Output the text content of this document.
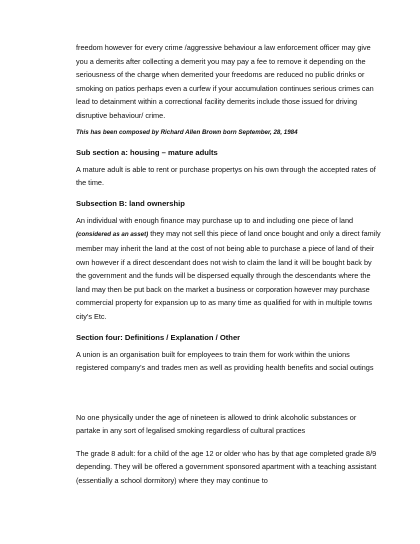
freedom however for every crime /aggressive behaviour a law enforcement officer may give you a demerits after collecting a demerit you may pay a fee to remove it depending on the seriousness of the charge when demerited your freedoms are reduced no public drinks or smoking on patios perhaps even a curfew if your accumulation continues serious crimes can lead to detainment within a correctional facility demerits include those issued for driving disruptive behaviour/ crime.

This has been composed by Richard Allen Brown born September, 28, 1984

Sub section a: housing – mature adults

A mature adult is able to rent or purchase propertys on his own through the accepted rates of the time.

Subsection B: land ownership

An individual with enough finance may purchase up to and including one piece of land (considered as an asset) they may not sell this piece of land once bought and only a direct family member may inherit the land at the cost of not being able to purchase a piece of land of their own however if a direct descendant does not wish to claim the land it will be bought back by the government and the funds will be dispersed equally through the descendants where the land may then be put back on the market a business or corporation however may purchase commercial property for expansion up to as many time as qualified for with in multiple towns city's Etc.

Section four: Definitions / Explanation / Other

A union is an organisation built for employees to train them for work within the unions registered company's and trades men as well as providing health benefits and social outings

No one physically under the age of nineteen is allowed to drink alcoholic substances or partake in any sort of legalised smoking regardless of cultural practices

The grade 8 adult: for a child of the age 12 or older who has by that age completed grade 8/9 depending. They will be offered a government sponsored apartment with a teaching assistant (essentially a school dormitory) where they may continue to
